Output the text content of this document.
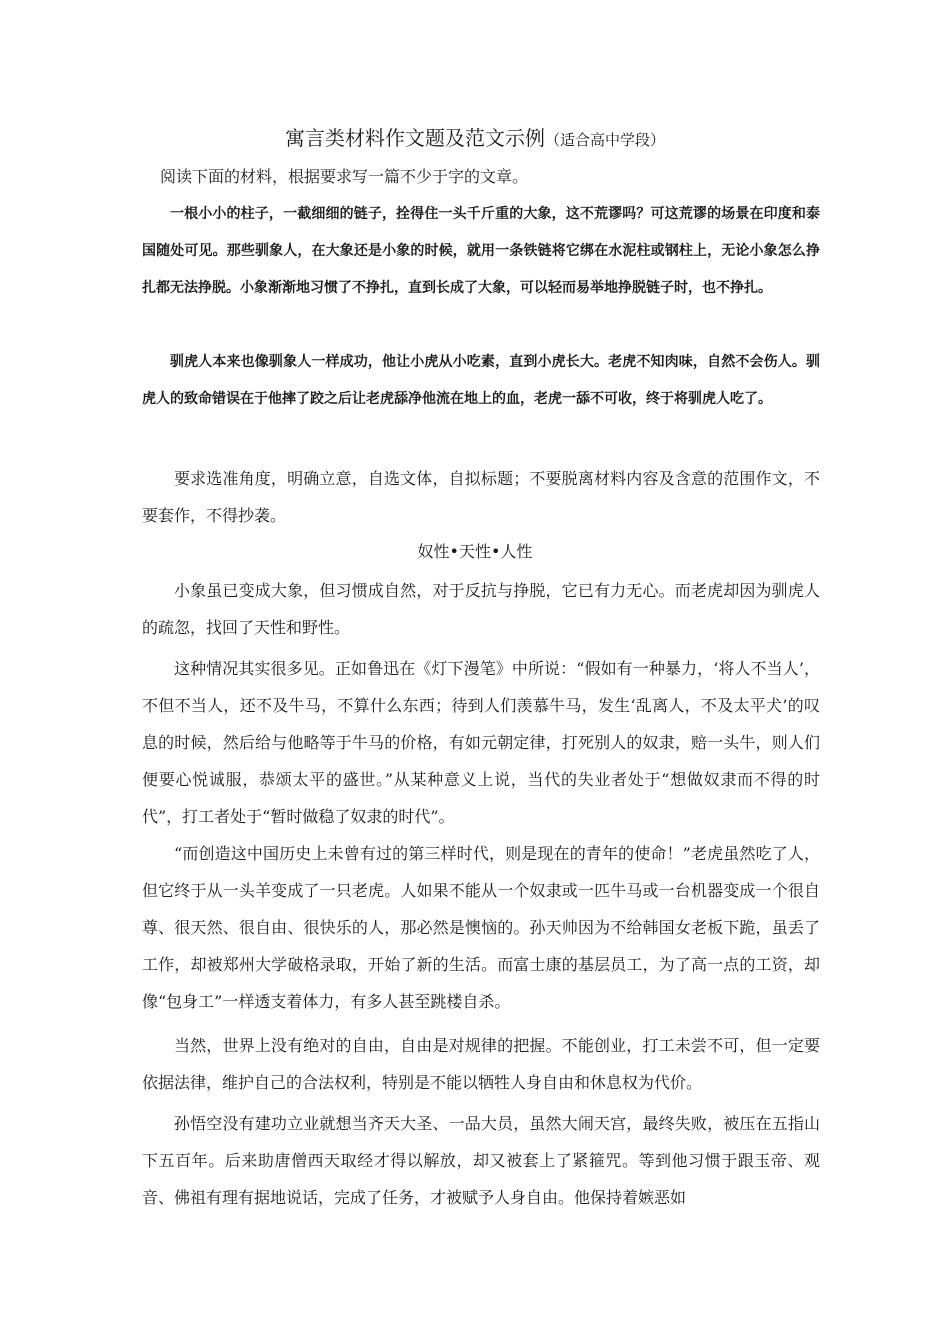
寓言类材料作文题及范文示例（适合高中学段）
阅读下面的材料，根据要求写一篇不少于字的文章。

一根小小的柱子，一截细细的链子，拴得住一头千斤重的大象，这不荒谬吗？可这荒谬的场景在印度和泰国随处可见。那些驯象人，在大象还是小象的时候，就用一条铁链将它绑在水泥柱或钢柱上，无论小象怎么挣扎都无法挣脱。小象渐渐地习惯了不挣扎，直到长成了大象，可以轻而易举地挣脱链子时，也不挣扎。

驯虎人本来也像驯象人一样成功，他让小虎从小吃素，直到小虎长大。老虎不知肉味，自然不会伤人。驯虎人的致命错误在于他摔了跤之后让老虎舔净他流在地上的血，老虎一舔不可收，终于将驯虎人吃了。

要求选准角度，明确立意，自选文体，自拟标题；不要脱离材料内容及含意的范围作文，不要套作，不得抄袭。

奴性•天性•人性

小象虽已变成大象，但习惯成自然，对于反抗与挣脱，它已有力无心。而老虎却因为驯虎人的疏忽，找回了天性和野性。

这种情况其实很多见。正如鲁迅在《灯下漫笔》中所说：“假如有一种暴力，‘将人不当人’，不但不当人，还不及牛马，不算什么东西；待到人们羡慕牛马，发生‘乱离人，不及太平犬’的叹息的时候，然后给与他略等于牛马的价格，有如元朝定律，打死别人的奴隶，赔一头牛，则人们便要心悦诚服，恭颂太平的盛世。”从某种意义上说，当代的失业者处于“想做奴隶而不得的时代”，打工者处于“暂时做稳了奴隶的时代”。

“而创造这中国历史上未曾有过的第三样时代，则是现在的青年的使命！”老虎虽然吃了人，但它终于从一头羊变成了一只老虎。人如果不能从一个奴隶或一匹牛马或一台机器变成一个很自尊、很天然、很自由、很快乐的人，那必然是懊恼的。孙天帅因为不给韩国女老板下跪，虽丢了工作，却被郑州大学破格录取，开始了新的生活。而富士康的基层员工，为了高一点的工资，却像“包身工”一样透支着体力，有多人甚至跳楼自杀。

当然，世界上没有绝对的自由，自由是对规律的把握。不能创业，打工未尝不可，但一定要依据法律，维护自己的合法权利，特别是不能以牺牲人身自由和休息权为代价。

孙悟空没有建功立业就想当齐天大圣、一品大员，虽然大闹天宫，最终失败，被压在五指山下五百年。后来助唐僧西天取经才得以解放，却又被套上了紧箍咒。等到他习惯于跟玉帝、观音、佛祖有理有据地说话，完成了任务，才被赋予人身自由。他保持着嫉恶如
